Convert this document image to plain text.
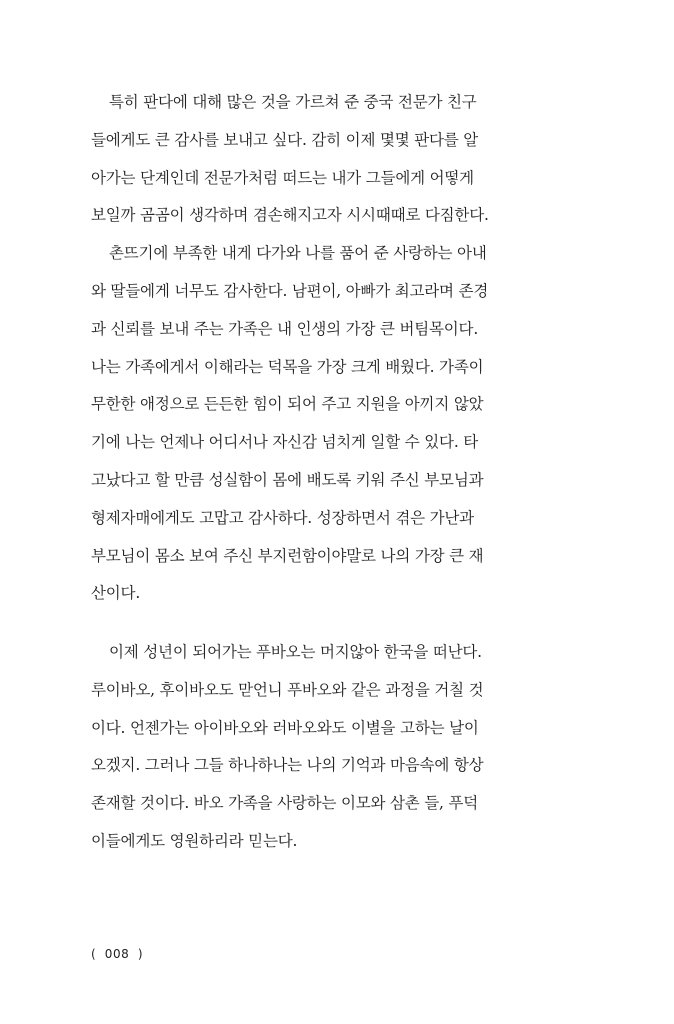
특히 판다에 대해 많은 것을 가르쳐 준 중국 전문가 친구
들에게도 큰 감사를 보내고 싶다. 감히 이제 몇몇 판다를 알
아가는 단계인데 전문가처럼 떠드는 내가 그들에게 어떻게
보일까 곰곰이 생각하며 겸손해지고자 시시때때로 다짐한다.
촌뜨기에 부족한 내게 다가와 나를 품어 준 사랑하는 아내
와 딸들에게 너무도 감사한다. 남편이, 아빠가 최고라며 존경
과 신뢰를 보내 주는 가족은 내 인생의 가장 큰 버팀목이다.
나는 가족에게서 이해라는 덕목을 가장 크게 배웠다. 가족이
무한한 애정으로 든든한 힘이 되어 주고 지원을 아끼지 않았
기에 나는 언제나 어디서나 자신감 넘치게 일할 수 있다. 타
고났다고 할 만큼 성실함이 몸에 배도록 키워 주신 부모님과
형제자매에게도 고맙고 감사하다. 성장하면서 겪은 가난과
부모님이 몸소 보여 주신 부지런함이야말로 나의 가장 큰 재
산이다.
이제 성년이 되어가는 푸바오는 머지않아 한국을 떠난다.
루이바오, 후이바오도 맏언니 푸바오와 같은 과정을 거칠 것
이다. 언젠가는 아이바오와 러바오와도 이별을 고하는 날이
오겠지. 그러나 그들 하나하나는 나의 기억과 마음속에 항상
존재할 것이다. 바오 가족을 사랑하는 이모와 삼촌 들, 푸덕
이들에게도 영원하리라 믿는다.
(  008  )
